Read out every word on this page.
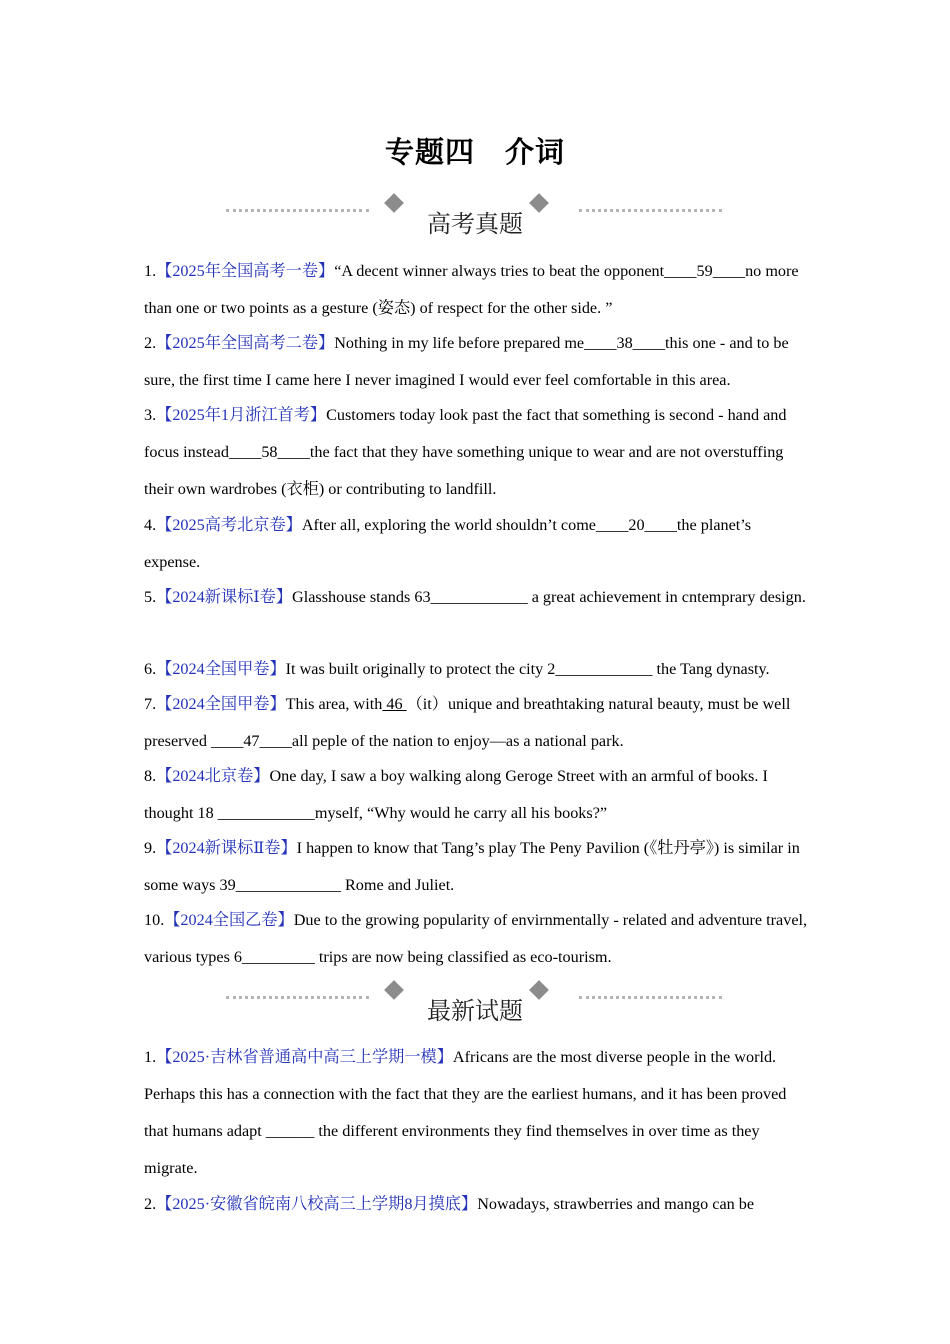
专题四　介词
高考真题

1.【2025年全国高考一卷】“A decent winner always tries to beat the opponent____59____no more than one or two points as a gesture (姿态) of respect for the other side. ”

2.【2025年全国高考二卷】Nothing in my life before prepared me____38____this one - and to be sure, the first time I came here I never imagined I would ever feel comfortable in this area.

3.【2025年1月浙江首考】Customers today look past the fact that something is second - hand and focus instead____58____the fact that they have something unique to wear and are not overstuffing their own wardrobes (衣柜) or contributing to landfill.

4.【2025高考北京卷】After all, exploring the world shouldn’t come____20____the planet’s expense.

5.【2024新课标Ⅰ卷】Glasshouse stands 63____________ a great achievement in cntemprary design.

6.【2024全国甲卷】It was built originally to protect the city 2____________ the Tang dynasty.

7.【2024全国甲卷】This area, with 46 （it）unique and breathtaking natural beauty, must be well preserved ____47____all peple of the nation to enjoy—as a national park.

8.【2024北京卷】One day, I saw a boy walking along Geroge Street with an armful of books. I thought 18 ____________myself, “Why would he carry all his books?”

9.【2024新课标Ⅱ卷】I happen to know that Tang’s play The Peny Pavilion (《牡丹亭》) is similar in some ways 39_____________ Rome and Juliet.

10.【2024全国乙卷】Due to the growing popularity of envirnmentally - related and adventure travel, various types 6_________ trips are now being classified as eco-tourism.

最新试题

1.【2025·吉林省普通高中高三上学期一模】Africans are the most diverse people in the world. Perhaps this has a connection with the fact that they are the earliest humans, and it has been proved that humans adapt ______ the different environments they find themselves in over time as they migrate.

2.【2025·安徽省皖南八校高三上学期8月摸底】Nowadays, strawberries and mango can be
